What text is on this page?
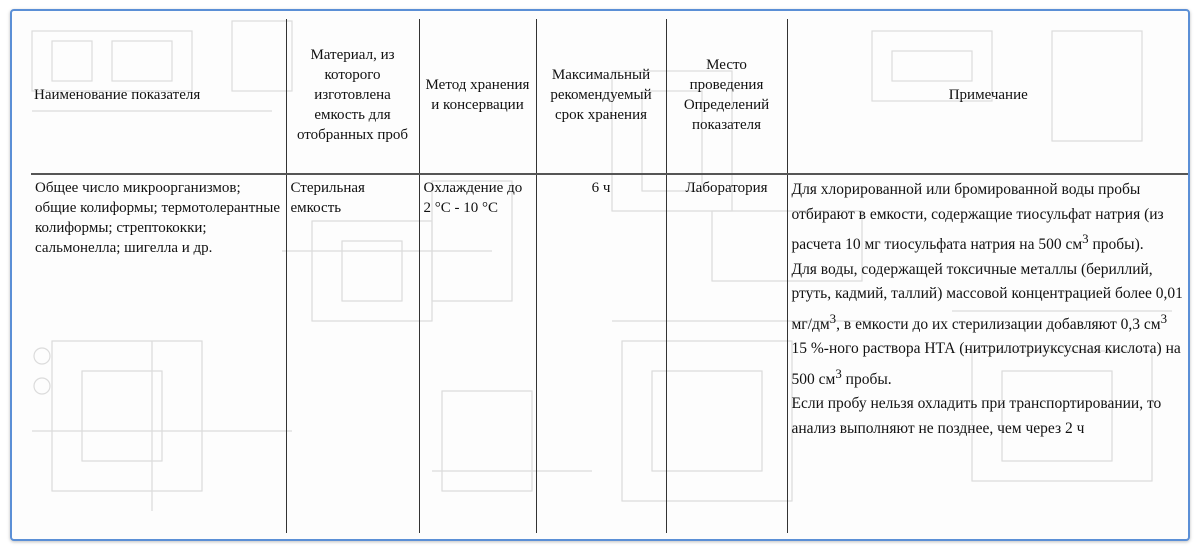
Наименование показателя	Материал, из которого изготовлена емкость для отобранных проб	Метод хранения и консервации	Максимальный рекомендуемый срок хранения	Место проведения Определений показателя	Примечание
Общее число микроорганизмов; общие колиформы; термотолерантные колиформы; стрептококки; сальмонелла; шигелла и др.	Стерильная емкость	Охлаждение до 2 °С - 10 °С	6 ч	Лаборатория	Для хлорированной или бромированной воды пробы отбирают в емкости, содержащие тиосульфат натрия (из расчета 10 мг тиосульфата натрия на 500 $см^3$ пробы).

Для воды, содержащей токсичные металлы (бериллий, ртуть, кадмий, таллий) массовой концентрацией более 0,01 $мг/дм^3$, в емкости до их стерилизации добавляют 0,3 $см^3$ 15 %-ного раствора НТА (нитрилотриуксусная кислота) на 500 $см^3$ пробы.

Если пробу нельзя охладить при транспортировании, то анализ выполняют не позднее, чем через 2 ч
